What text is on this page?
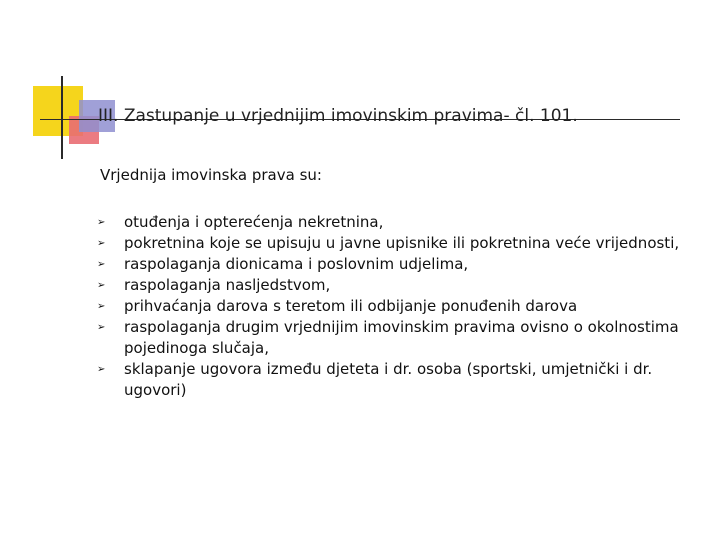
III. Zastupanje u vrjednijim imovinskim pravima- čl. 101.
Vrjednija imovinska prava su:
➢ otuđenja i opterećenja nekretnina,
➢ pokretnina koje se upisuju u javne upisnike ili pokretnina veće vrijednosti,
➢ raspolaganja dionicama i poslovnim udjelima,
➢ raspolaganja nasljedstvom,
➢ prihvaćanja darova s teretom ili odbijanje ponuđenih darova
➢ raspolaganja drugim vrjednijim imovinskim pravima ovisno o okolnostima pojedinoga slučaja,
➢ sklapanje ugovora između djeteta i dr. osoba (sportski, umjetnički i dr. ugovori)
